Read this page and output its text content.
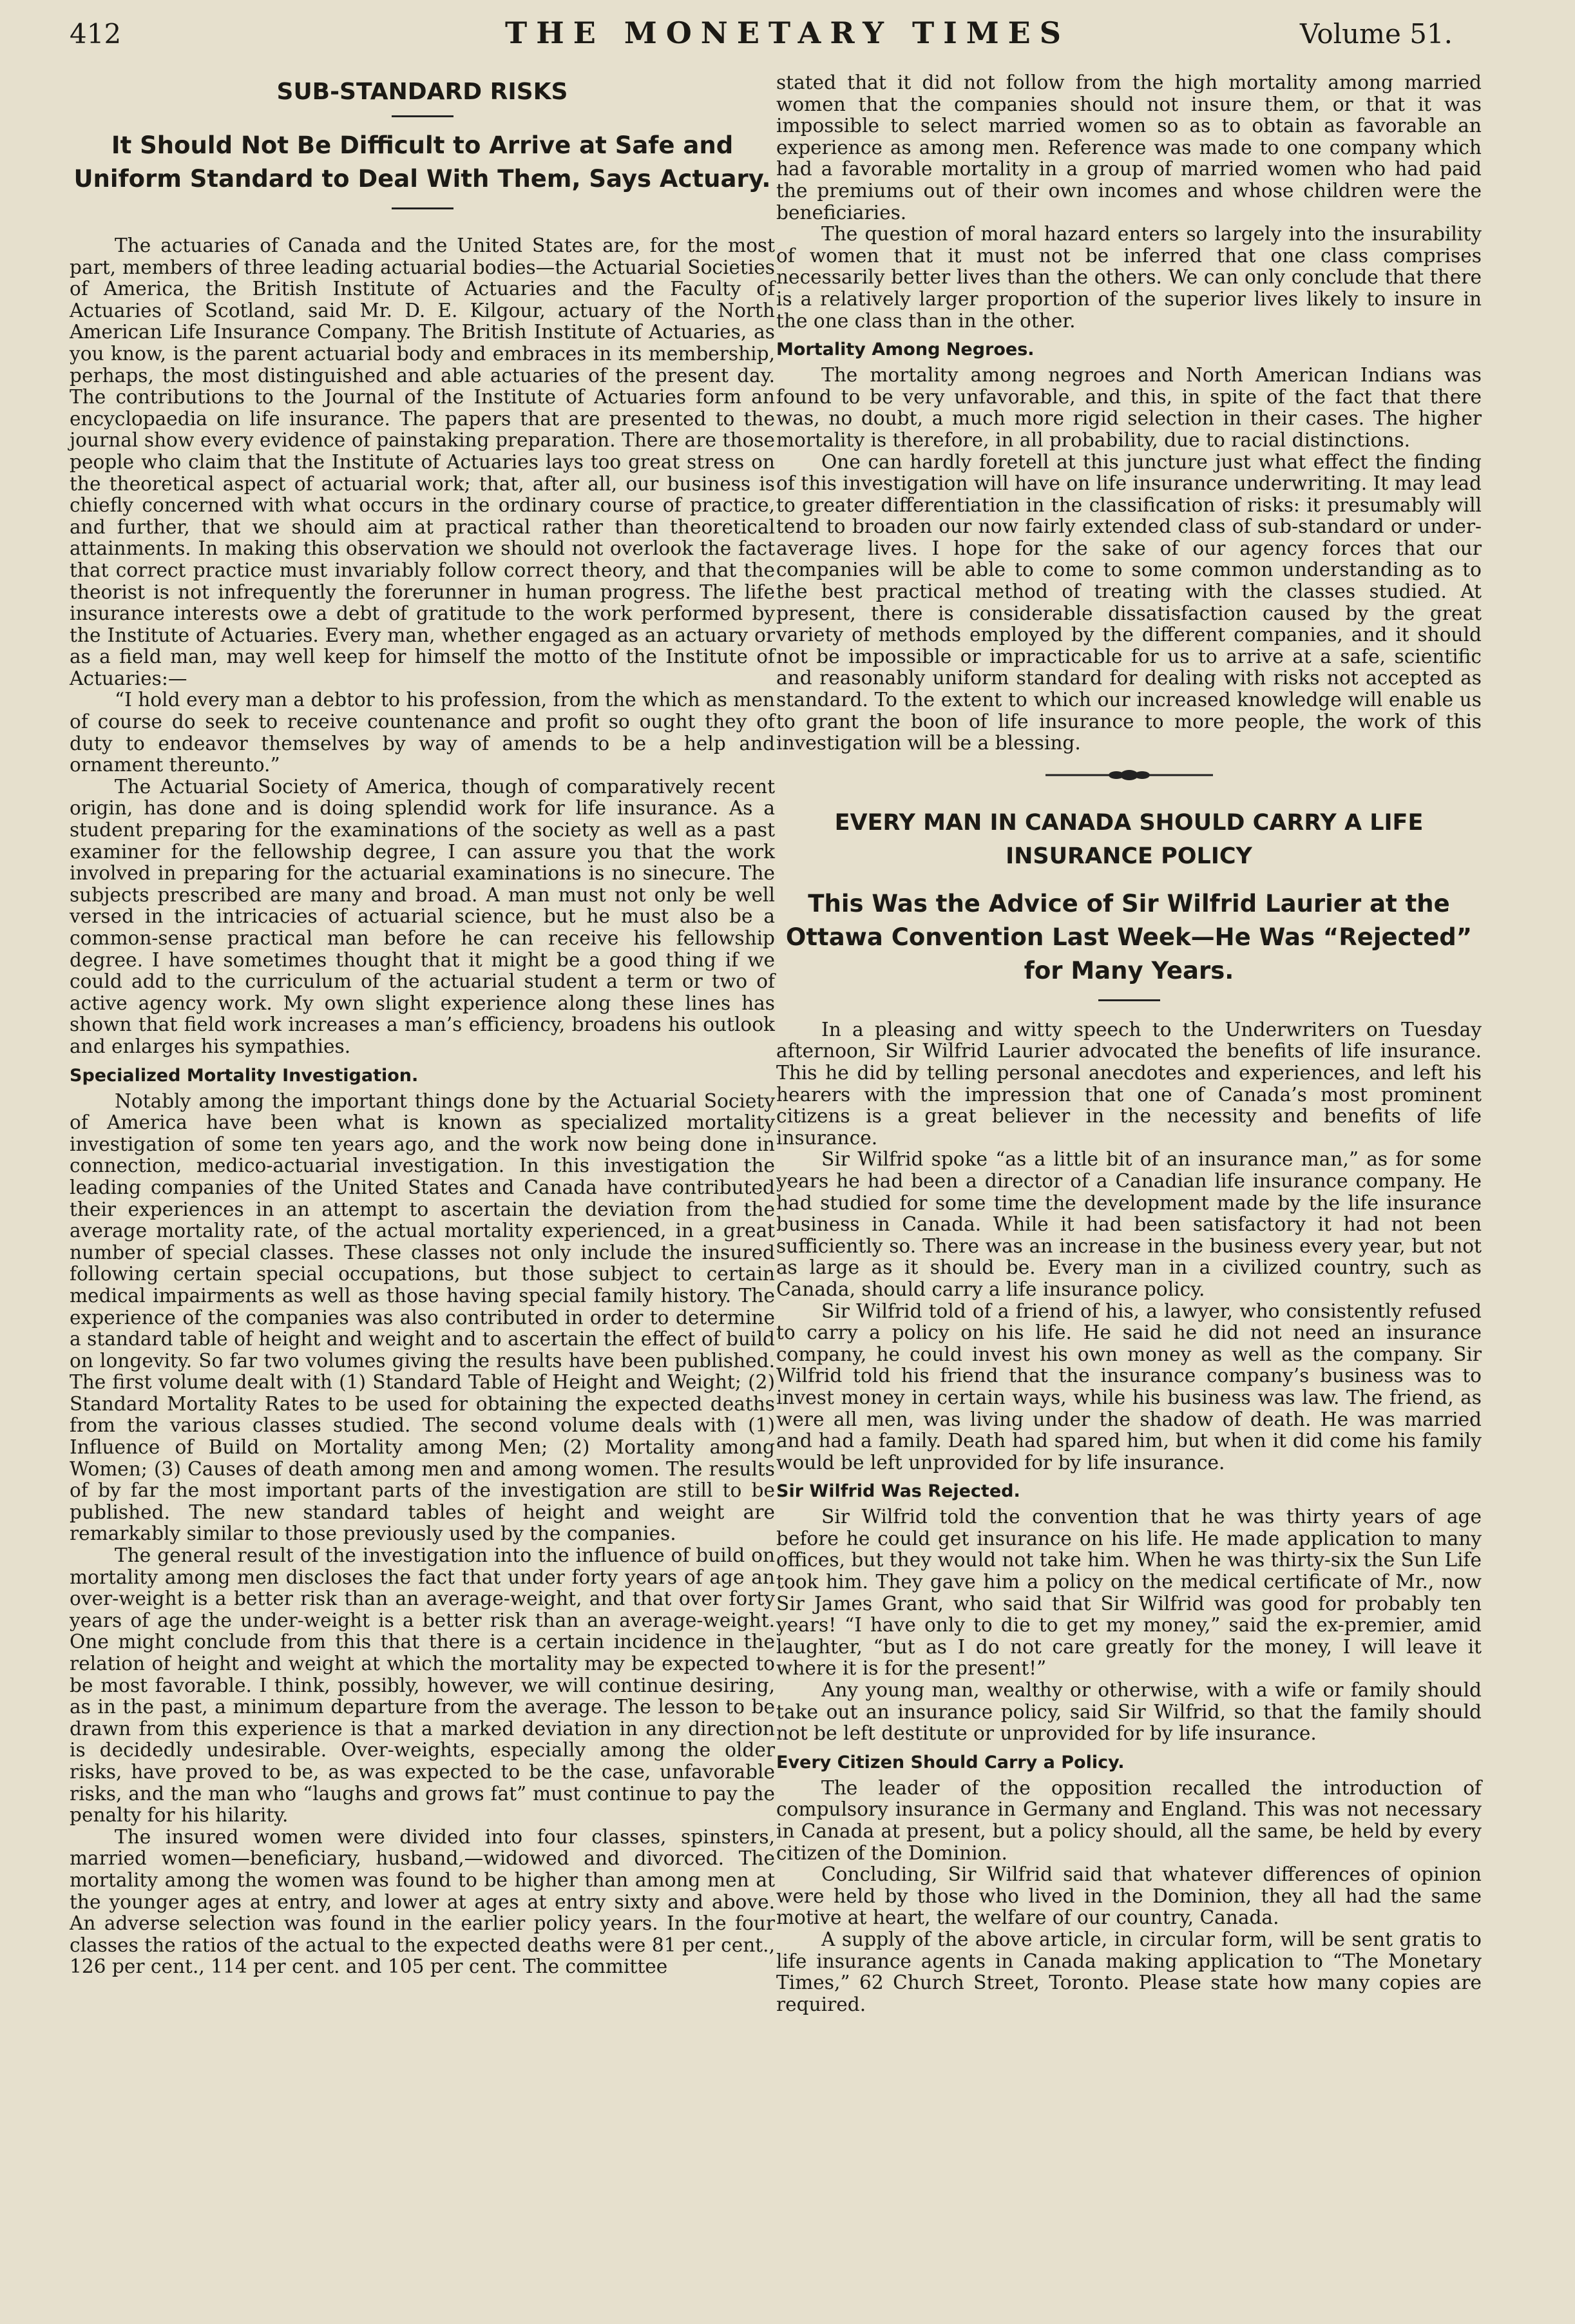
412	THE MONETARY TIMES	Volume 51.
SUB-STANDARD RISKS
It Should Not Be Difficult to Arrive at Safe and Uniform Standard to Deal With Them, Says Actuary.

The actuaries of Canada and the United States are, for the most part, members of three leading actuarial bodies—the Actuarial Societies of America, the British Institute of Actuaries and the Faculty of Actuaries of Scotland, said Mr. D. E. Kilgour, actuary of the North American Life Insurance Company. The British Institute of Actuaries, as you know, is the parent actuarial body and embraces in its membership, perhaps, the most distinguished and able actuaries of the present day. The contributions to the Journal of the Institute of Actuaries form an encyclopaedia on life insurance. The papers that are presented to the journal show every evidence of painstaking preparation. There are those people who claim that the Institute of Actuaries lays too great stress on the theoretical aspect of actuarial work; that, after all, our business is chiefly concerned with what occurs in the ordinary course of practice, and further, that we should aim at practical rather than theoretical attainments. In making this observation we should not overlook the fact that correct practice must invariably follow correct theory, and that the theorist is not infrequently the forerunner in human progress. The life insurance interests owe a debt of gratitude to the work performed by the Institute of Actuaries. Every man, whether engaged as an actuary or as a field man, may well keep for himself the motto of the Institute of Actuaries:—

“I hold every man a debtor to his profession, from the which as men of course do seek to receive countenance and profit so ought they of duty to endeavor themselves by way of amends to be a help and ornament thereunto.”

The Actuarial Society of America, though of comparatively recent origin, has done and is doing splendid work for life insurance. As a student preparing for the examinations of the society as well as a past examiner for the fellowship degree, I can assure you that the work involved in preparing for the actuarial examinations is no sinecure. The subjects prescribed are many and broad. A man must not only be well versed in the intricacies of actuarial science, but he must also be a common-sense practical man before he can receive his fellowship degree. I have sometimes thought that it might be a good thing if we could add to the curriculum of the actuarial student a term or two of active agency work. My own slight experience along these lines has shown that field work increases a man’s efficiency, broadens his outlook and enlarges his sympathies.

Specialized Mortality Investigation.

Notably among the important things done by the Actuarial Society of America have been what is known as specialized mortality investigation of some ten years ago, and the work now being done in connection, medico-actuarial investigation. In this investigation the leading companies of the United States and Canada have contributed their experiences in an attempt to ascertain the deviation from the average mortality rate, of the actual mortality experienced, in a great number of special classes. These classes not only include the insured following certain special occupations, but those subject to certain medical impairments as well as those having special family history. The experience of the companies was also contributed in order to determine a standard table of height and weight and to ascertain the effect of build on longevity. So far two volumes giving the results have been published. The first volume dealt with (1) Standard Table of Height and Weight; (2) Standard Mortality Rates to be used for obtaining the expected deaths from the various classes studied. The second volume deals with (1) Influence of Build on Mortality among Men; (2) Mortality among Women; (3) Causes of death among men and among women. The results of by far the most important parts of the investigation are still to be published. The new standard tables of height and weight are remarkably similar to those previously used by the companies.

The general result of the investigation into the influence of build on mortality among men discloses the fact that under forty years of age an over-weight is a better risk than an average-weight, and that over forty years of age the under-weight is a better risk than an average-weight. One might conclude from this that there is a certain incidence in the relation of height and weight at which the mortality may be expected to be most favorable. I think, possibly, however, we will continue desiring, as in the past, a minimum departure from the average. The lesson to be drawn from this experience is that a marked deviation in any direction is decidedly undesirable. Over-weights, especially among the older risks, have proved to be, as was expected to be the case, unfavorable risks, and the man who “laughs and grows fat” must continue to pay the penalty for his hilarity.

The insured women were divided into four classes, spinsters, married women—beneficiary, husband,—widowed and divorced. The mortality among the women was found to be higher than among men at the younger ages at entry, and lower at ages at entry sixty and above. An adverse selection was found in the earlier policy years. In the four classes the ratios of the actual to the expected deaths were 81 per cent., 126 per cent., 114 per cent. and 105 per cent. The committee

stated that it did not follow from the high mortality among married women that the companies should not insure them, or that it was impossible to select married women so as to obtain as favorable an experience as among men. Reference was made to one company which had a favorable mortality in a group of married women who had paid the premiums out of their own incomes and whose children were the beneficiaries.

The question of moral hazard enters so largely into the insurability of women that it must not be inferred that one class comprises necessarily better lives than the others. We can only conclude that there is a relatively larger proportion of the superior lives likely to insure in the one class than in the other.

Mortality Among Negroes.

The mortality among negroes and North American Indians was found to be very unfavorable, and this, in spite of the fact that there was, no doubt, a much more rigid selection in their cases. The higher mortality is therefore, in all probability, due to racial distinctions.

One can hardly foretell at this juncture just what effect the finding of this investigation will have on life insurance underwriting. It may lead to greater differentiation in the classification of risks: it presumably will tend to broaden our now fairly extended class of sub-standard or under-average lives. I hope for the sake of our agency forces that our companies will be able to come to some common understanding as to the best practical method of treating with the classes studied. At present, there is considerable dissatisfaction caused by the great variety of methods employed by the different companies, and it should not be impossible or impracticable for us to arrive at a safe, scientific and reasonably uniform standard for dealing with risks not accepted as standard. To the extent to which our increased knowledge will enable us to grant the boon of life insurance to more people, the work of this investigation will be a blessing.

EVERY MAN IN CANADA SHOULD CARRY A LIFE INSURANCE POLICY
This Was the Advice of Sir Wilfrid Laurier at the Ottawa Convention Last Week—He Was “Rejected” for Many Years.

In a pleasing and witty speech to the Underwriters on Tuesday afternoon, Sir Wilfrid Laurier advocated the benefits of life insurance. This he did by telling personal anecdotes and experiences, and left his hearers with the impression that one of Canada’s most prominent citizens is a great believer in the necessity and benefits of life insurance.

Sir Wilfrid spoke “as a little bit of an insurance man,” as for some years he had been a director of a Canadian life insurance company. He had studied for some time the development made by the life insurance business in Canada. While it had been satisfactory it had not been sufficiently so. There was an increase in the business every year, but not as large as it should be. Every man in a civilized country, such as Canada, should carry a life insurance policy.

Sir Wilfrid told of a friend of his, a lawyer, who consistently refused to carry a policy on his life. He said he did not need an insurance company, he could invest his own money as well as the company. Sir Wilfrid told his friend that the insurance company’s business was to invest money in certain ways, while his business was law. The friend, as were all men, was living under the shadow of death. He was married and had a family. Death had spared him, but when it did come his family would be left unprovided for by life insurance.

Sir Wilfrid Was Rejected.

Sir Wilfrid told the convention that he was thirty years of age before he could get insurance on his life. He made application to many offices, but they would not take him. When he was thirty-six the Sun Life took him. They gave him a policy on the medical certificate of Mr., now Sir James Grant, who said that Sir Wilfrid was good for probably ten years! “I have only to die to get my money,” said the ex-premier, amid laughter, “but as I do not care greatly for the money, I will leave it where it is for the present!”

Any young man, wealthy or otherwise, with a wife or family should take out an insurance policy, said Sir Wilfrid, so that the family should not be left destitute or unprovided for by life insurance.

Every Citizen Should Carry a Policy.

The leader of the opposition recalled the introduction of compulsory insurance in Germany and England. This was not necessary in Canada at present, but a policy should, all the same, be held by every citizen of the Dominion.

Concluding, Sir Wilfrid said that whatever differences of opinion were held by those who lived in the Dominion, they all had the same motive at heart, the welfare of our country, Canada.

A supply of the above article, in circular form, will be sent gratis to life insurance agents in Canada making application to “The Monetary Times,” 62 Church Street, Toronto. Please state how many copies are required.
